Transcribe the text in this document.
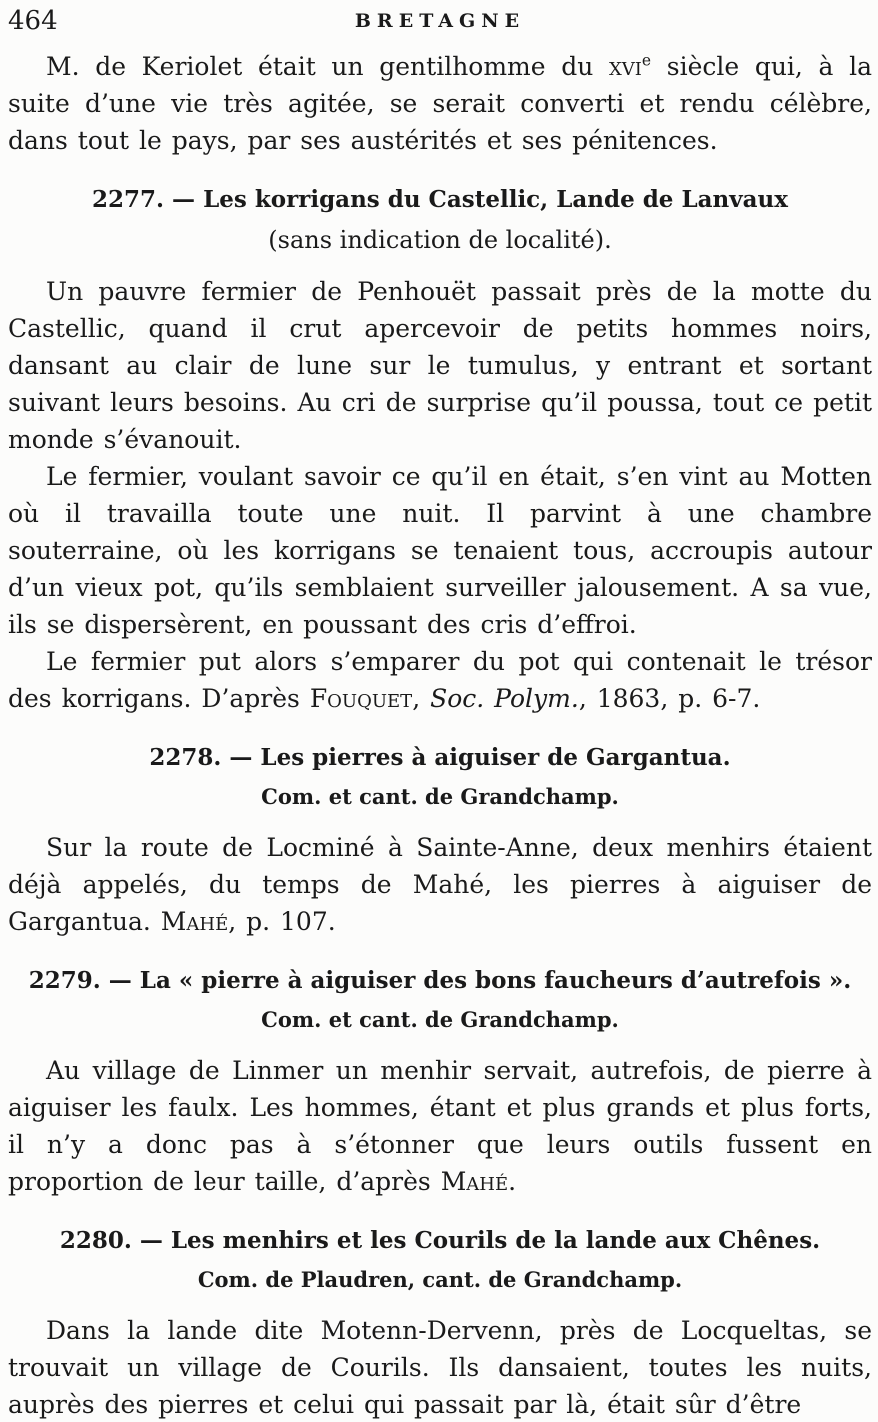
464	BRETAGNE

M. de Keriolet était un gentilhomme du xvi$^e$ siècle qui, à la suite d’une vie très agitée, se serait converti et rendu célèbre, dans tout le pays, par ses austérités et ses pénitences.

2277. — Les korrigans du Castellic, Lande de Lanvaux

(sans indication de localité).

Un pauvre fermier de Penhouët passait près de la motte du Castellic, quand il crut apercevoir de petits hommes noirs, dansant au clair de lune sur le tumulus, y entrant et sortant suivant leurs besoins. Au cri de surprise qu’il poussa, tout ce petit monde s’évanouit.

Le fermier, voulant savoir ce qu’il en était, s’en vint au Motten où il travailla toute une nuit. Il parvint à une chambre souterraine, où les korrigans se tenaient tous, accroupis autour d’un vieux pot, qu’ils semblaient surveiller jalousement. A sa vue, ils se dispersèrent, en poussant des cris d’effroi.

Le fermier put alors s’emparer du pot qui contenait le trésor des korrigans. D’après Fouquet, Soc. Polym., 1863, p. 6-7.

2278. — Les pierres à aiguiser de Gargantua.

Com. et cant. de Grandchamp.

Sur la route de Locminé à Sainte-Anne, deux menhirs étaient déjà appelés, du temps de Mahé, les pierres à aiguiser de Gargantua. Mahé, p. 107.

2279. — La « pierre à aiguiser des bons faucheurs d’autrefois ».

Com. et cant. de Grandchamp.

Au village de Linmer un menhir servait, autrefois, de pierre à aiguiser les faulx. Les hommes, étant et plus grands et plus forts, il n’y a donc pas à s’étonner que leurs outils fussent en proportion de leur taille, d’après Mahé.

2280. — Les menhirs et les Courils de la lande aux Chênes.

Com. de Plaudren, cant. de Grandchamp.

Dans la lande dite Motenn-Dervenn, près de Locqueltas, se trouvait un village de Courils. Ils dansaient, toutes les nuits, auprès des pierres et celui qui passait par là, était sûr d’être
